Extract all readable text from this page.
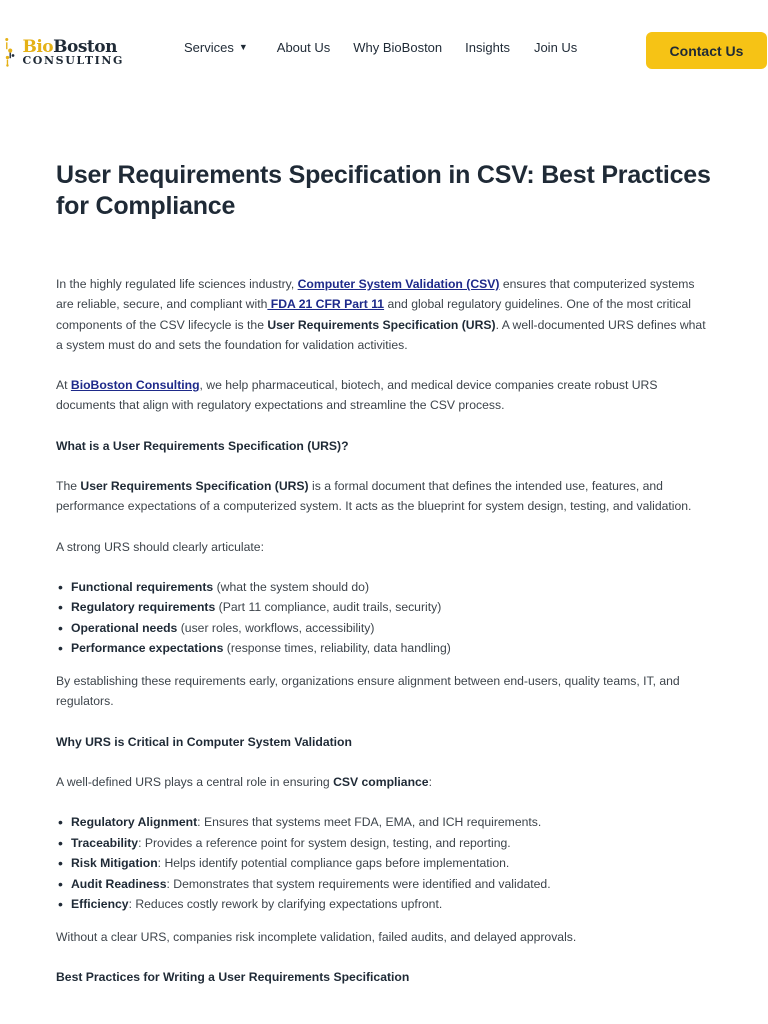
BioBoston
CONSULTING
Services ▼ About Us Why BioBoston Insights Join Us	Contact Us
User Requirements Specification in CSV: Best Practices for Compliance

In the highly regulated life sciences industry, Computer System Validation (CSV) ensures that computerized systems are reliable, secure, and compliant with FDA 21 CFR Part 11 and global regulatory guidelines. One of the most critical components of the CSV lifecycle is the User Requirements Specification (URS). A well-documented URS defines what a system must do and sets the foundation for validation activities.

At BioBoston Consulting, we help pharmaceutical, biotech, and medical device companies create robust URS documents that align with regulatory expectations and streamline the CSV process.

What is a User Requirements Specification (URS)?

The User Requirements Specification (URS) is a formal document that defines the intended use, features, and performance expectations of a computerized system. It acts as the blueprint for system design, testing, and validation.

A strong URS should clearly articulate:

• Functional requirements (what the system should do)
• Regulatory requirements (Part 11 compliance, audit trails, security)
• Operational needs (user roles, workflows, accessibility)
• Performance expectations (response times, reliability, data handling)

By establishing these requirements early, organizations ensure alignment between end-users, quality teams, IT, and regulators.

Why URS is Critical in Computer System Validation

A well-defined URS plays a central role in ensuring CSV compliance:

• Regulatory Alignment: Ensures that systems meet FDA, EMA, and ICH requirements.
• Traceability: Provides a reference point for system design, testing, and reporting.
• Risk Mitigation: Helps identify potential compliance gaps before implementation.
• Audit Readiness: Demonstrates that system requirements were identified and validated.
• Efficiency: Reduces costly rework by clarifying expectations upfront.

Without a clear URS, companies risk incomplete validation, failed audits, and delayed approvals.

Best Practices for Writing a User Requirements Specification
